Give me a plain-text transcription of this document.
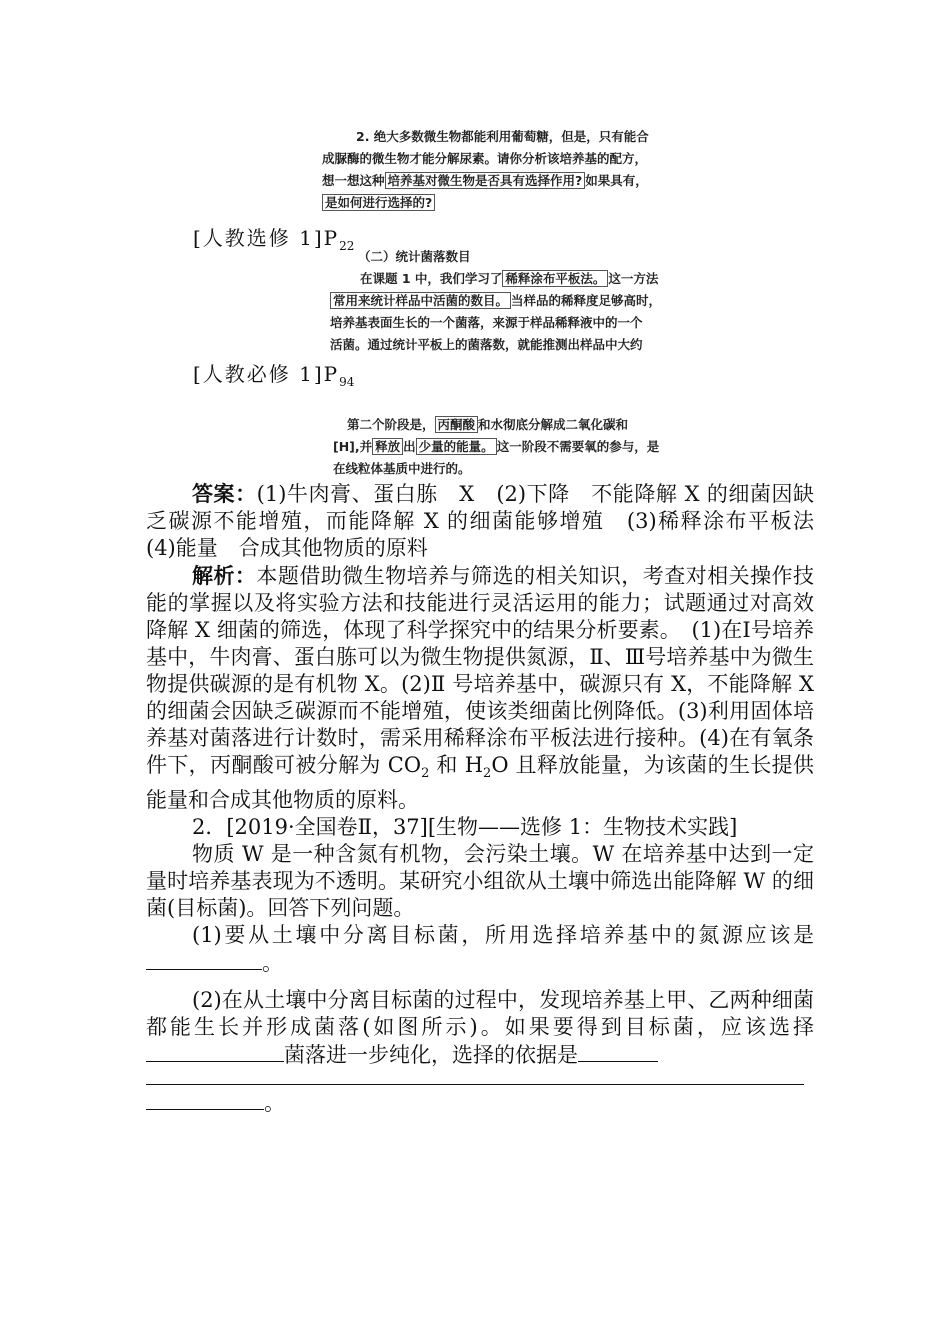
2. 绝大多数微生物都能利用葡萄糖，但是，只有能合
成脲酶的微生物才能分解尿素。请你分析该培养基的配方，
想一想这种 培养基对微生物是否具有选择作用? 如果具有，
是如何进行选择的?
[人教选修 $1]P_{22}$
（二）统计菌落数目
在课题 1 中，我们学习了 稀释涂布平板法。 这一方法
常用来统计样品中活菌的数目。 当样品的稀释度足够高时，
培养基表面生长的一个菌落，来源于样品稀释液中的一个
活菌。通过统计平板上的菌落数，就能推测出样品中大约
[人教必修 $1]P_{94}$
第二个阶段是， 丙酮酸 和水彻底分解成二氧化碳和
[H],并 释放 出 少量的能量。 这一阶段不需要氧的参与，是
在线粒体基质中进行的。

答案：(1)牛肉膏、蛋白胨　X　(2)下降　不能降解 X 的细菌因缺乏碳源不能增殖，而能降解 X 的细菌能够增殖　(3)稀释涂布平板法　(4)能量　合成其他物质的原料

解析：本题借助微生物培养与筛选的相关知识，考查对相关操作技能的掌握以及将实验方法和技能进行灵活运用的能力；试题通过对高效降解 X 细菌的筛选，体现了科学探究中的结果分析要素。　(1)在Ⅰ号培养基中，牛肉膏、蛋白胨可以为微生物提供氮源，Ⅱ、Ⅲ号培养基中为微生物提供碳源的是有机物 X。(2)Ⅱ 号培养基中，碳源只有 X，不能降解 X 的细菌会因缺乏碳源而不能增殖，使该类细菌比例降低。(3)利用固体培养基对菌落进行计数时，需采用稀释涂布平板法进行接种。(4)在有氧条件下，丙酮酸可被分解为 $CO_2$ 和 $H_2O$ 且释放能量，为该菌的生长提供能量和合成其他物质的原料。

2．[2019·全国卷Ⅱ，37][生物——选修 1：生物技术实践]

物质 W 是一种含氮有机物，会污染土壤。W 在培养基中达到一定量时培养基表现为不透明。某研究小组欲从土壤中筛选出能降解 W 的细菌(目标菌)。回答下列问题。

(1)要从土壤中分离目标菌，所用选择培养基中的氮源应该是。

(2)在从土壤中分离目标菌的过程中，发现培养基上甲、乙两种细菌都能生长并形成菌落(如图所示)。如果要得到目标菌，应该选择菌落进一步纯化，选择的依据是

。
